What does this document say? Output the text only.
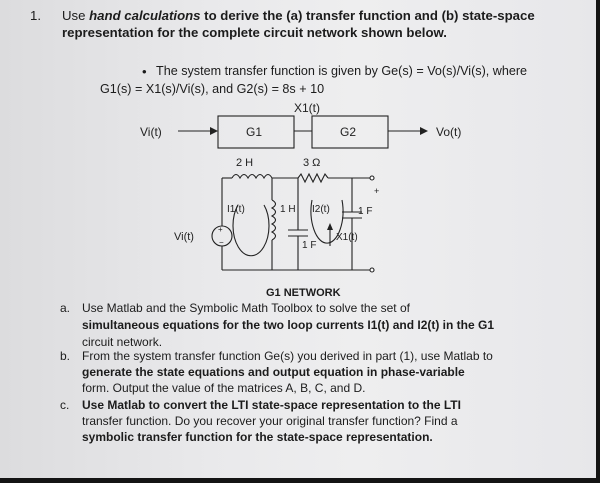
1. Use hand calculations to derive the (a) transfer function and (b) state-space
representation for the complete circuit network shown below.
• The system transfer function is given by Ge(s) = Vo(s)/Vi(s), where
G1(s) = X1(s)/Vi(s), and G2(s) = 8s + 10
Vi(t)	G1	G2
X1(t)
Vo(t)
2 H	3 Ω
Vi(t)
+
−
I1(t)	1 H I2(t)
1 F
1 F
X1(t)
+
G1 NETWORK
a. Use Matlab and the Symbolic Math Toolbox to solve the set of
simultaneous equations for the two loop currents I1(t) and I2(t) in the G1
circuit network.
b. From the system transfer function Ge(s) you derived in part (1), use Matlab to
generate the state equations and output equation in phase-variable
form. Output the value of the matrices A, B, C, and D.
c. Use Matlab to convert the LTI state-space representation to the LTI
transfer function. Do you recover your original transfer function? Find a
symbolic transfer function for the state-space representation.
